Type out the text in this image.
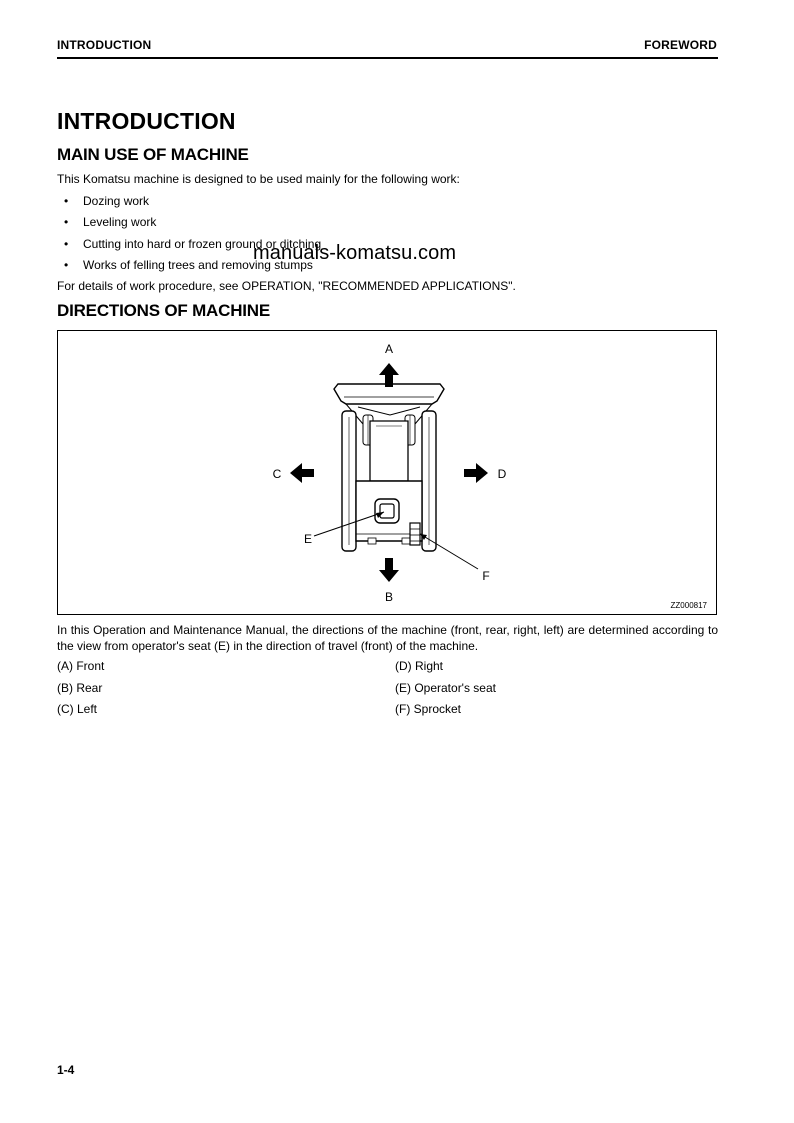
INTRODUCTION	FOREWORD
INTRODUCTION
MAIN USE OF MACHINE

This Komatsu machine is designed to be used mainly for the following work:

• Dozing work
• Leveling work
• Cutting into hard or frozen ground or ditching
• Works of felling trees and removing stumps

For details of work procedure, see OPERATION, "RECOMMENDED APPLICATIONS".

manuals-komatsu.com
DIRECTIONS OF MACHINE
A
B
C	D
E
F
ZZ000817

In this Operation and Maintenance Manual, the directions of the machine (front, rear, right, left) are determined according to the view from operator's seat (E) in the direction of travel (front) of the machine.

(A) Front

(B) Rear

(C) Left

(D) Right

(E) Operator's seat

(F) Sprocket

1-4
